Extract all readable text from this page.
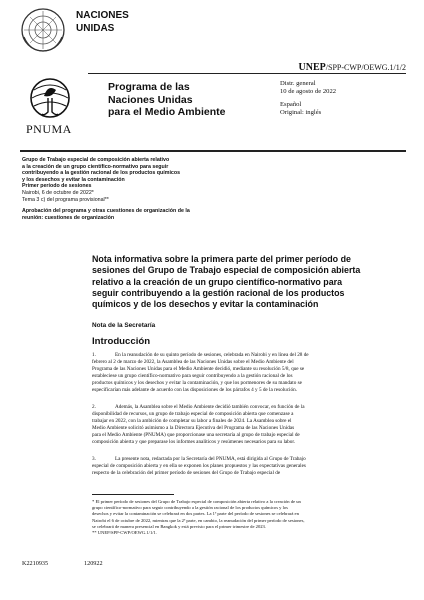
NACIONES
UNIDAS
UNEP/SPP-CWP/OEWG.1/1/2
PNUMA
Programa de las
Naciones Unidas
para el Medio Ambiente
Distr. general
10 de agosto de 2022
Español
Original: inglés
Grupo de Trabajo especial de composición abierta relativo
a la creación de un grupo científico-normativo para seguir
contribuyendo a la gestión racional de los productos químicos
y los desechos y evitar la contaminación
Primer período de sesiones
Nairobi, 6 de octubre de 2022*
Tema 3 c) del programa provisional**
Aprobación del programa y otras cuestiones de organización de la
reunión: cuestiones de organización
Nota informativa sobre la primera parte del primer período de
sesiones del Grupo de Trabajo especial de composición abierta
relativo a la creación de un grupo científico-normativo para
seguir contribuyendo a la gestión racional de los productos
químicos y de los desechos y evitar la contaminación
Nota de la Secretaría
Introducción
1.	En la reanudación de su quinto período de sesiones, celebrada en Nairobi y en línea del 28 de
febrero al 2 de marzo de 2022, la Asamblea de las Naciones Unidas sobre el Medio Ambiente del
Programa de las Naciones Unidas para el Medio Ambiente decidió, mediante su resolución 5/8, que se
estableciese un grupo científico-normativo para seguir contribuyendo a la gestión racional de los
productos químicos y los desechos y evitar la contaminación, y que los pormenores de su mandato se
especificarían más adelante de acuerdo con las disposiciones de los párrafos 4 y 5 de la resolución.
2.	Además, la Asamblea sobre el Medio Ambiente decidió también convocar, en función de la
disponibilidad de recursos, un grupo de trabajo especial de composición abierta que comenzase a
trabajar en 2022, con la ambición de completar su labor a finales de 2024. La Asamblea sobre el
Medio Ambiente solicitó asimismo a la Directora Ejecutiva del Programa de las Naciones Unidas
para el Medio Ambiente (PNUMA) que proporcionase una secretaría al grupo de trabajo especial de
composición abierta y que preparase los informes analíticos y resúmenes necesarios para su labor.
3.	La presente nota, redactada por la Secretaría del PNUMA, está dirigida al Grupo de Trabajo
especial de composición abierta y en ella se exponen los planes propuestos y las expectativas generales
respecto de la celebración del primer período de sesiones del Grupo de Trabajo especial de
* El primer período de sesiones del Grupo de Trabajo especial de composición abierta relativo a la creación de un
grupo científico-normativo para seguir contribuyendo a la gestión racional de los productos químicos y los
desechos y evitar la contaminación se celebrará en dos partes. La 1ª parte del período de sesiones se celebrará en
Nairobi el 6 de octubre de 2022, mientras que la 2ª parte, en cambio, la reanudación del primer período de sesiones,
se celebrará de manera presencial en Bangkok y está previsto para el primer trimestre de 2023.
** UNEP/SPP-CWP/OEWG.1/1/1.
K2210935	120922
